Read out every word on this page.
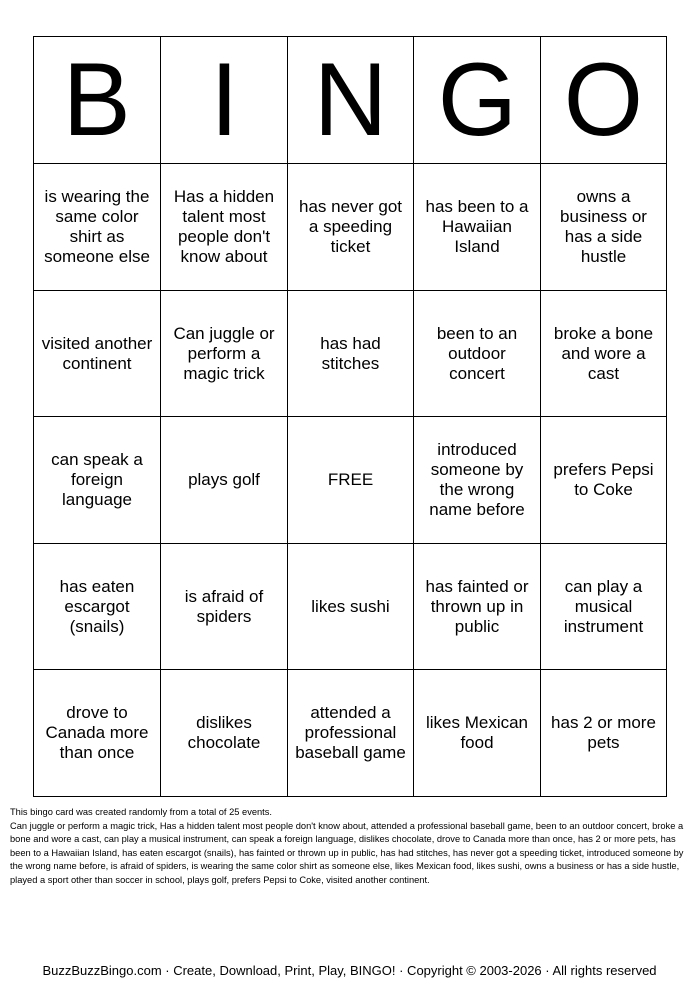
B	I	N	G	O
is wearing the same color shirt as someone else	Has a hidden talent most people don't know about	has never got a speeding ticket	has been to a Hawaiian Island	owns a business or has a side hustle
visited another continent	Can juggle or perform a magic trick	has had stitches	been to an outdoor concert	broke a bone and wore a cast
can speak a foreign language	plays golf	FREE	introduced someone by the wrong name before	prefers Pepsi to Coke
has eaten escargot (snails)	is afraid of spiders	likes sushi	has fainted or thrown up in public	can play a musical instrument
drove to Canada more than once	dislikes chocolate	attended a professional baseball game	likes Mexican food	has 2 or more pets

This bingo card was created randomly from a total of 25 events.

Can juggle or perform a magic trick, Has a hidden talent most people don't know about, attended a professional baseball game, been to an outdoor concert, broke a bone and wore a cast, can play a musical instrument, can speak a foreign language, dislikes chocolate, drove to Canada more than once, has 2 or more pets, has been to a Hawaiian Island, has eaten escargot (snails), has fainted or thrown up in public, has had stitches, has never got a speeding ticket, introduced someone by the wrong name before, is afraid of spiders, is wearing the same color shirt as someone else, likes Mexican food, likes sushi, owns a business or has a side hustle, played a sport other than soccer in school, plays golf, prefers Pepsi to Coke, visited another continent.

BuzzBuzzBingo.com · Create, Download, Print, Play, BINGO! · Copyright © 2003-2026 · All rights reserved
